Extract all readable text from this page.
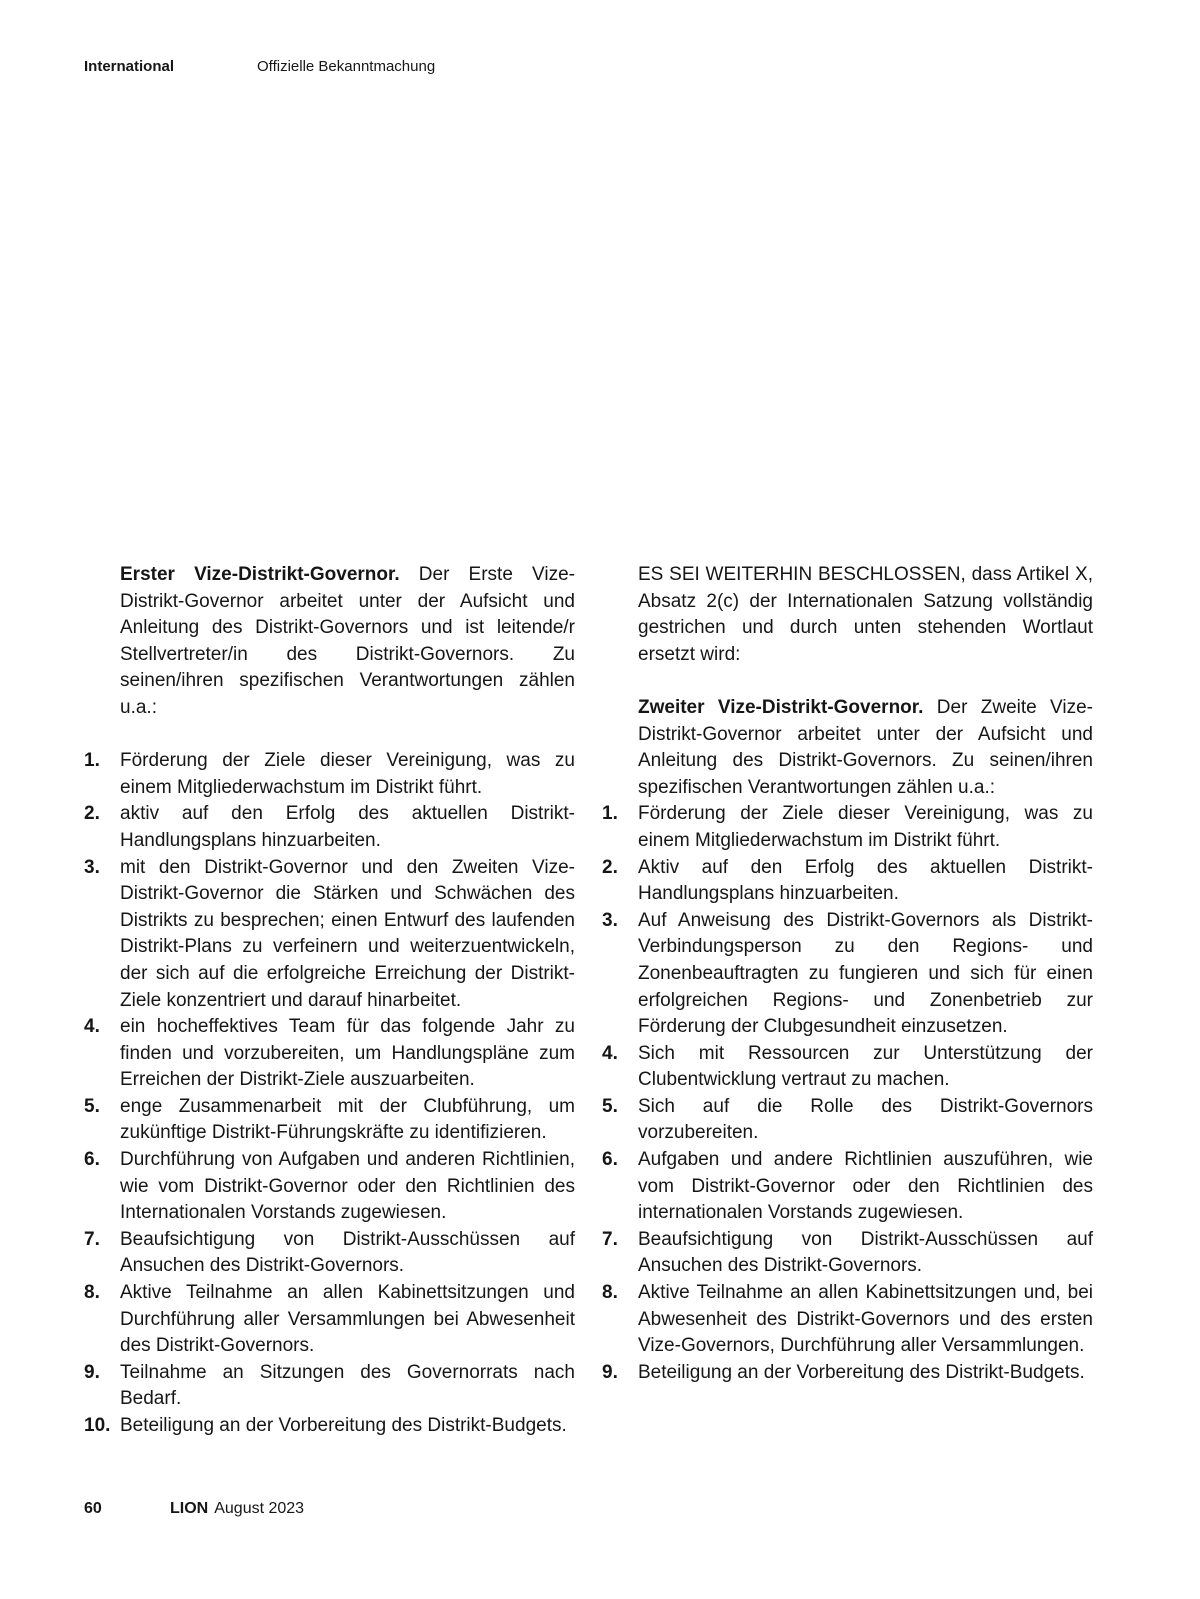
International	Offizielle Bekanntmachung

Erster Vize-Distrikt-Governor. Der Erste Vize-Distrikt-Governor arbeitet unter der Aufsicht und Anleitung des Distrikt-Governors und ist leitende/r Stellvertreter/in des Distrikt-Governors. Zu seinen/ihren spezifischen Verantwortungen zählen u.a.:

1. Förderung der Ziele dieser Vereinigung, was zu einem Mitgliederwachstum im Distrikt führt.
2. aktiv auf den Erfolg des aktuellen Distrikt-Handlungsplans hinzuarbeiten.
3. mit den Distrikt-Governor und den Zweiten Vize-Distrikt-Governor die Stärken und Schwächen des Distrikts zu besprechen; einen Entwurf des laufenden Distrikt-Plans zu verfeinern und weiterzuentwickeln, der sich auf die erfolgreiche Erreichung der Distrikt-Ziele konzentriert und darauf hinarbeitet.
4. ein hocheffektives Team für das folgende Jahr zu finden und vorzubereiten, um Handlungspläne zum Erreichen der Distrikt-Ziele auszuarbeiten.
5. enge Zusammenarbeit mit der Clubführung, um zukünftige Distrikt-Führungskräfte zu identifizieren.
6. Durchführung von Aufgaben und anderen Richtlinien, wie vom Distrikt-Governor oder den Richtlinien des Internationalen Vorstands zugewiesen.
7. Beaufsichtigung von Distrikt-Ausschüssen auf Ansuchen des Distrikt-Governors.
8. Aktive Teilnahme an allen Kabinettsitzungen und Durchführung aller Versammlungen bei Abwesenheit des Distrikt-Governors.
9. Teilnahme an Sitzungen des Governorrats nach Bedarf.
10. Beteiligung an der Vorbereitung des Distrikt-Budgets.

ES SEI WEITERHIN BESCHLOSSEN, dass Artikel X, Absatz 2(c) der Internationalen Satzung vollständig gestrichen und durch unten stehenden Wortlaut ersetzt wird:

Zweiter Vize-Distrikt-Governor. Der Zweite Vize-Distrikt-Governor arbeitet unter der Aufsicht und Anleitung des Distrikt-Governors. Zu seinen/ihren spezifischen Verantwortungen zählen u.a.:

1. Förderung der Ziele dieser Vereinigung, was zu einem Mitgliederwachstum im Distrikt führt.
2. Aktiv auf den Erfolg des aktuellen Distrikt-Handlungsplans hinzuarbeiten.
3. Auf Anweisung des Distrikt-Governors als Distrikt-Verbindungsperson zu den Regions- und Zonenbeauftragten zu fungieren und sich für einen erfolgreichen Regions- und Zonenbetrieb zur Förderung der Clubgesundheit einzusetzen.
4. Sich mit Ressourcen zur Unterstützung der Clubentwicklung vertraut zu machen.
5. Sich auf die Rolle des Distrikt-Governors vorzubereiten.
6. Aufgaben und andere Richtlinien auszuführen, wie vom Distrikt-Governor oder den Richtlinien des internationalen Vorstands zugewiesen.
7. Beaufsichtigung von Distrikt-Ausschüssen auf Ansuchen des Distrikt-Governors.
8. Aktive Teilnahme an allen Kabinettsitzungen und, bei Abwesenheit des Distrikt-Governors und des ersten Vize-Governors, Durchführung aller Versammlungen.
9. Beteiligung an der Vorbereitung des Distrikt-Budgets.
60	LION August 2023
